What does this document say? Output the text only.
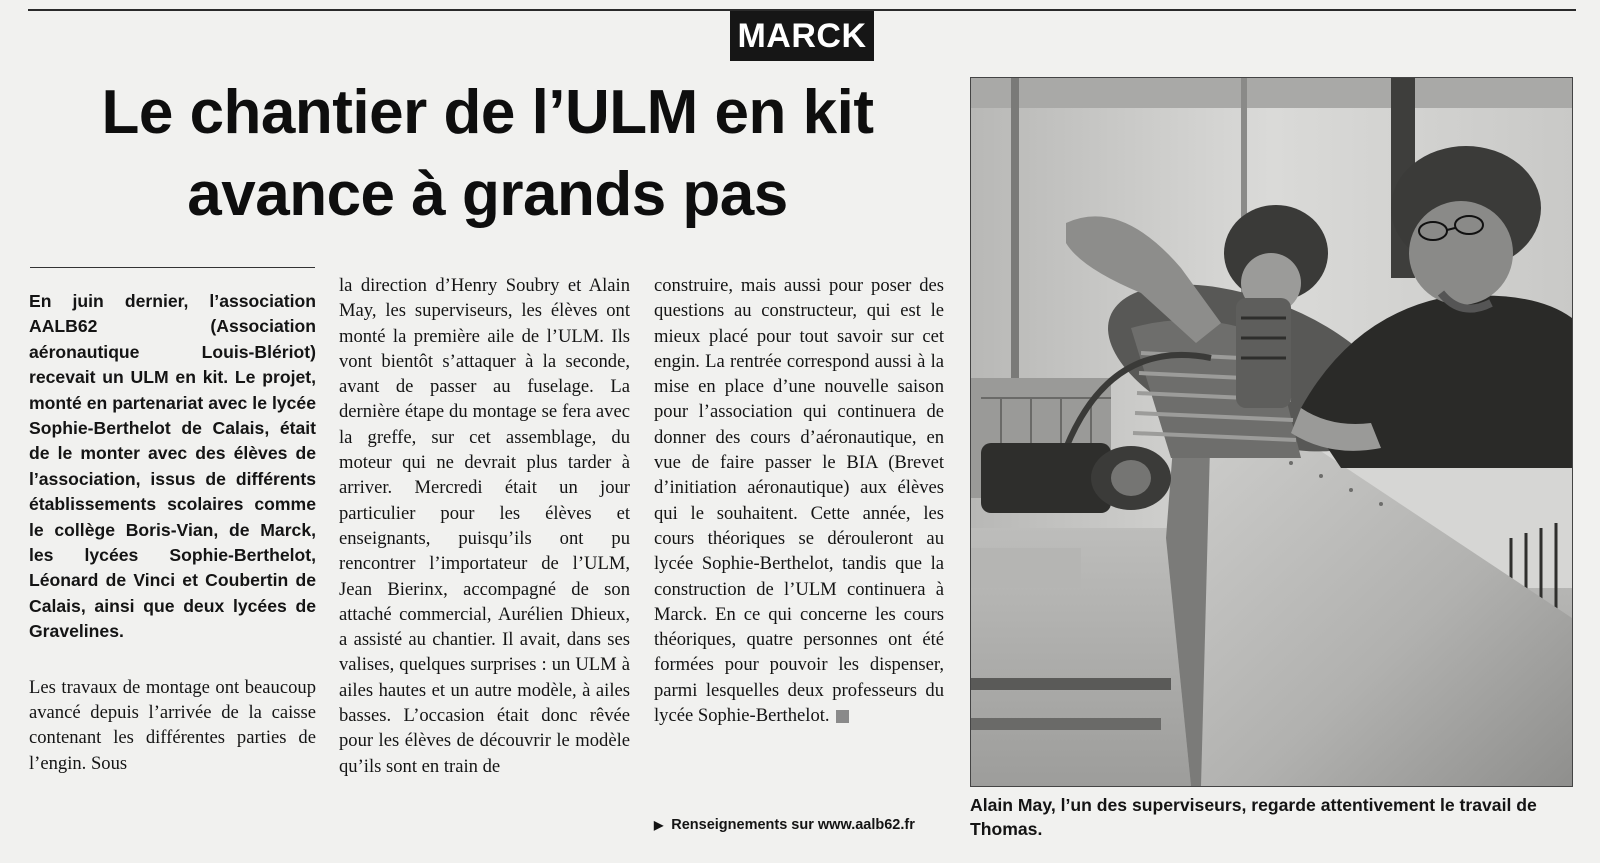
MARCK
Le chantier de l’ULM en kit
avance à grands pas

En juin dernier, l’association AALB62 (Association aéronautique Louis-Blériot) recevait un ULM en kit. Le projet, monté en partenariat avec le lycée Sophie-Berthelot de Calais, était de le monter avec des élèves de l’association, issus de différents établissements scolaires comme le collège Boris-Vian, de Marck, les lycées Sophie-Berthelot, Léonard de Vinci et Coubertin de Calais, ainsi que deux lycées de Gravelines.

Les travaux de montage ont beaucoup avancé depuis l’arrivée de la caisse contenant les différentes parties de l’engin. Sous

la direction d’Henry Soubry et Alain May, les superviseurs, les élèves ont monté la première aile de l’ULM. Ils vont bientôt s’attaquer à la seconde, avant de passer au fuselage. La dernière étape du montage se fera avec la greffe, sur cet assemblage, du moteur qui ne devrait plus tarder à arriver. Mercredi était un jour particulier pour les élèves et enseignants, puisqu’ils ont pu rencontrer l’importateur de l’ULM, Jean Bierinx, accompagné de son attaché commercial, Aurélien Dhieux, a assisté au chantier. Il avait, dans ses valises, quelques surprises : un ULM à ailes hautes et un autre modèle, à ailes basses. L’occasion était donc rêvée pour les élèves de découvrir le modèle qu’ils sont en train de

construire, mais aussi pour poser des questions au constructeur, qui est le mieux placé pour tout savoir sur cet engin. La rentrée correspond aussi à la mise en place d’une nouvelle saison pour l’association qui continuera de donner des cours d’aéronautique, en vue de faire passer le BIA (Brevet d’initiation aéronautique) aux élèves qui le souhaitent. Cette année, les cours théoriques se dérouleront au lycée Sophie-Berthelot, tandis que la construction de l’ULM continuera à Marck. En ce qui concerne les cours théoriques, quatre personnes ont été formées pour pouvoir les dispenser, parmi lesquelles deux professeurs du lycée Sophie-Berthelot.

▶ Renseignements sur www.aalb62.fr
Alain May, l’un des superviseurs, regarde attentivement le travail de Thomas.
